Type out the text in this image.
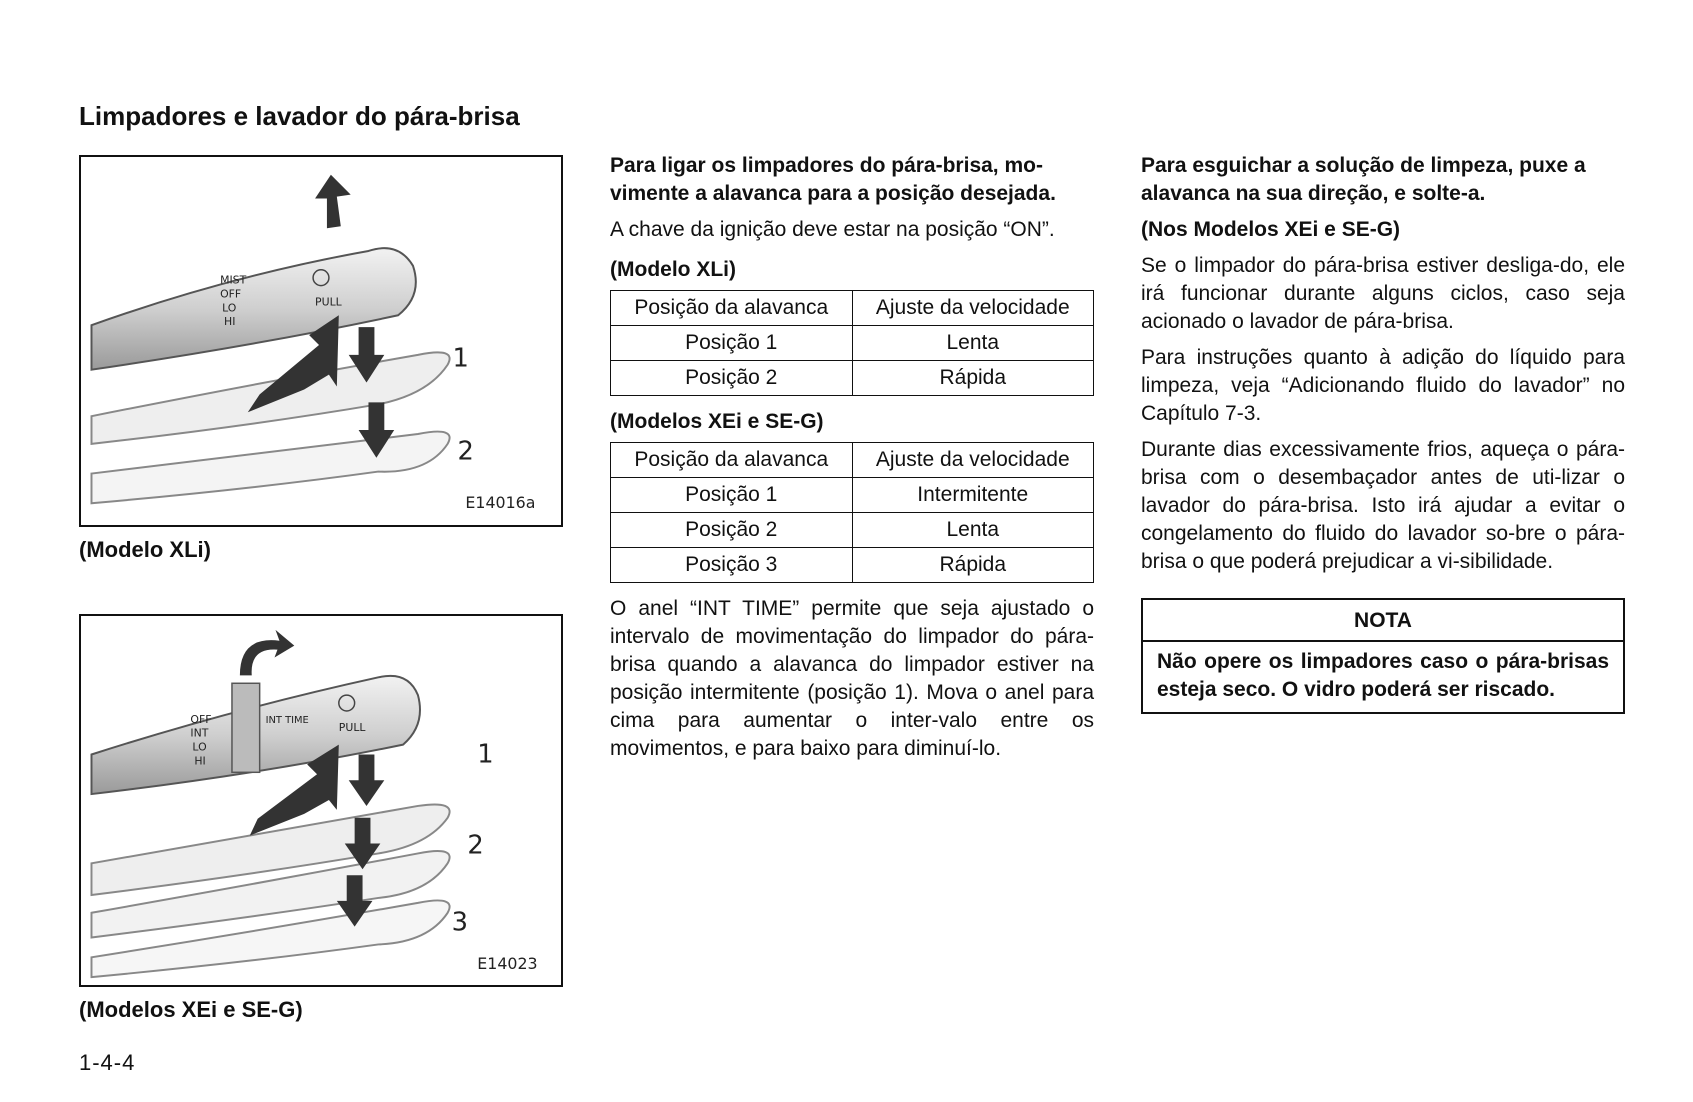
Limpadores e lavador do pára-brisa
MIST
OFF
LO
HI
PULL
1
2
E14016a

(Modelo XLi)

OFF
INT
LO
HI
INT TIME
PULL
1
2
3
E14023

(Modelos XEi e SE-G)

1-4-4

Para ligar os limpadores do pára-brisa, mo-vimente a alavanca para a posição desejada.

A chave da ignição deve estar na posição “ON”.

(Modelo XLi)

Posição da alavanca	Ajuste da velocidade
Posição 1	Lenta
Posição 2	Rápida

(Modelos XEi e SE-G)

Posição da alavanca	Ajuste da velocidade
Posição 1	Intermitente
Posição 2	Lenta
Posição 3	Rápida

O anel “INT TIME” permite que seja ajustado o intervalo de movimentação do limpador do pára-brisa quando a alavanca do limpador estiver na posição intermitente (posição 1). Mova o anel para cima para aumentar o inter-valo entre os movimentos, e para baixo para diminuí-lo.

Para esguichar a solução de limpeza, puxe a alavanca na sua direção, e solte-a.

(Nos Modelos XEi e SE-G)

Se o limpador do pára-brisa estiver desliga-do, ele irá funcionar durante alguns ciclos, caso seja acionado o lavador de pára-brisa.

Para instruções quanto à adição do líquido para limpeza, veja “Adicionando fluido do lavador” no Capítulo 7-3.

Durante dias excessivamente frios, aqueça o pára-brisa com o desembaçador antes de uti-lizar o lavador do pára-brisa. Isto irá ajudar a evitar o congelamento do fluido do lavador so-bre o pára-brisa o que poderá prejudicar a vi-sibilidade.

NOTA
Não opere os limpadores caso o pára-brisas esteja seco. O vidro poderá ser riscado.
